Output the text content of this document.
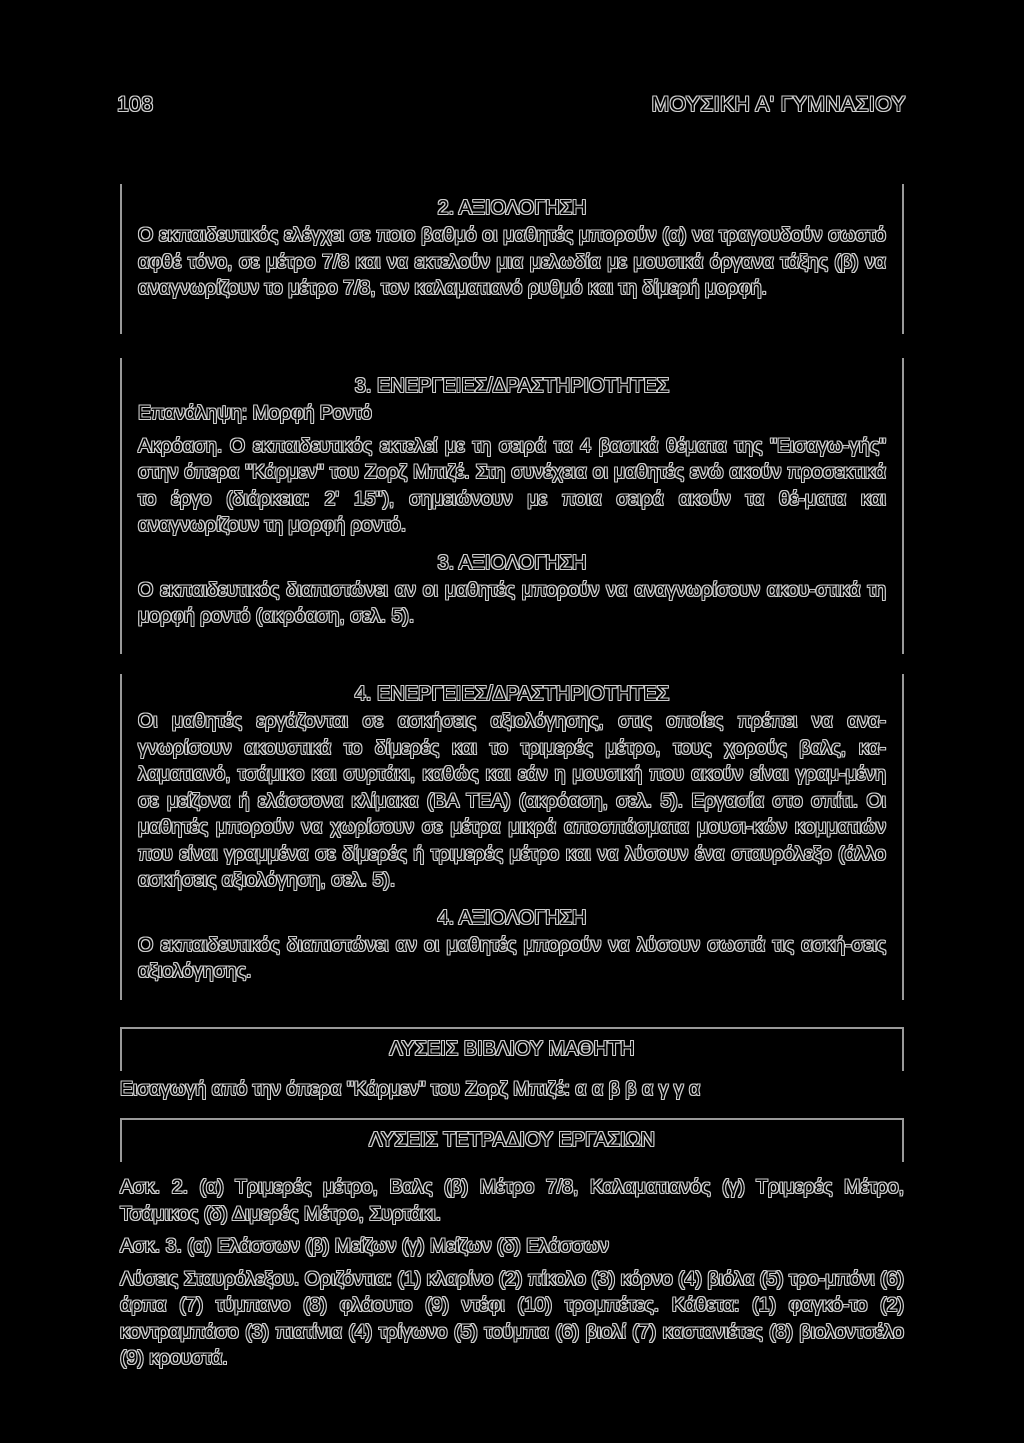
108	ΜΟΥΣΙΚΗ Α' ΓΥΜΝΑΣΙΟΥ
2. ΑΞΙΟΛΟΓΗΣΗ

Ο εκπαιδευτικός ελέγχει σε ποιο βαθμό οι μαθητές μπορούν (α) να τραγουδούν σωστό αφθέ τόνο, σε μέτρο 7/8 και να εκτελούν μια μελωδία με μουσικά όργανα τάξης (β) να αναγνωρίζουν το μέτρο 7/8, τον καλαματιανό ρυθμό και τη δίμερή μορφή.

3. ΕΝΕΡΓΕΙΕΣ/ΔΡΑΣΤΗΡΙΟΤΗΤΕΣ

Επανάληψη: Μορφή Ροντό

Ακρόαση. Ο εκπαιδευτικός εκτελεί με τη σειρά τα 4 βασικά θέματα της "Εισαγω-γής" στην όπερα "Κάρμεν" του Ζορζ Μπιζέ. Στη συνέχεια οι μαθητές ενώ ακούν προσεκτικά το έργο (διάρκεια: 2' 15"), σημειώνουν με ποια σειρά ακούν τα θέ-ματα και αναγνωρίζουν τη μορφή ροντό.

3. ΑΞΙΟΛΟΓΗΣΗ

Ο εκπαιδευτικός διαπιστώνει αν οι μαθητές μπορούν να αναγνωρίσουν ακου-στικά τη μορφή ροντό (ακρόαση, σελ. 5).

4. ΕΝΕΡΓΕΙΕΣ/ΔΡΑΣΤΗΡΙΟΤΗΤΕΣ

Οι μαθητές εργάζονται σε ασκήσεις αξιολόγησης, στις οποίες πρέπει να ανα-γνωρίσουν ακουστικά το δίμερές και το τριμερές μέτρο, τους χορούς βαλς, κα-λαματιανό, τσάμικο και συρτάκι, καθώς και εάν η μουσική που ακούν είναι γραμ-μένη σε μείζονα ή ελάσσονα κλίμακα (ΒΑ ΤΕΑ) (ακρόαση, σελ. 5). Εργασία στο σπίτι. Οι μαθητές μπορούν να χωρίσουν σε μέτρα μικρά αποσπάσματα μουσι-κών κομματιών που είναι γραμμένα σε δίμερές ή τριμερές μέτρο και να λύσουν ένα σταυρόλεξο (άλλο ασκήσεις αξιολόγηση, σελ. 5).

4. ΑΞΙΟΛΟΓΗΣΗ

Ο εκπαιδευτικός διαπιστώνει αν οι μαθητές μπορούν να λύσουν σωστά τις ασκή-σεις αξιολόγησης.

ΛΥΣΕΙΣ ΒΙΒΛΙΟΥ ΜΑΘΗΤΗ
Εισαγωγή από την όπερα "Κάρμεν" του Ζορζ Μπιζέ: α α β β α γ γ α
ΛΥΣΕΙΣ ΤΕΤΡΑΔΙΟΥ ΕΡΓΑΣΙΩΝ

Ασκ. 2. (α) Τριμερές μέτρο, Βαλς (β) Μέτρο 7/8, Καλαματιανός (γ) Τριμερές Μέτρο, Τσάμικος (δ) Διμερές Μέτρο, Συρτάκι.

Ασκ. 3. (α) Ελάσσων (β) Μείζων (γ) Μείζων (δ) Ελάσσων

Λύσεις Σταυρόλεξου. Οριζόντια: (1) κλαρίνο (2) πίκολο (3) κόρνο (4) βιόλα (5) τρο-μπόνι (6) άρπα (7) τύμπανο (8) φλάουτο (9) ντέφι (10) τρομπέτες. Κάθετα: (1) φαγκό-το (2) κοντραμπάσο (3) πιατίνια (4) τρίγωνο (5) τούμπα (6) βιολί (7) καστανιέτες (8) βιολοντσέλο (9) κρουστά.
